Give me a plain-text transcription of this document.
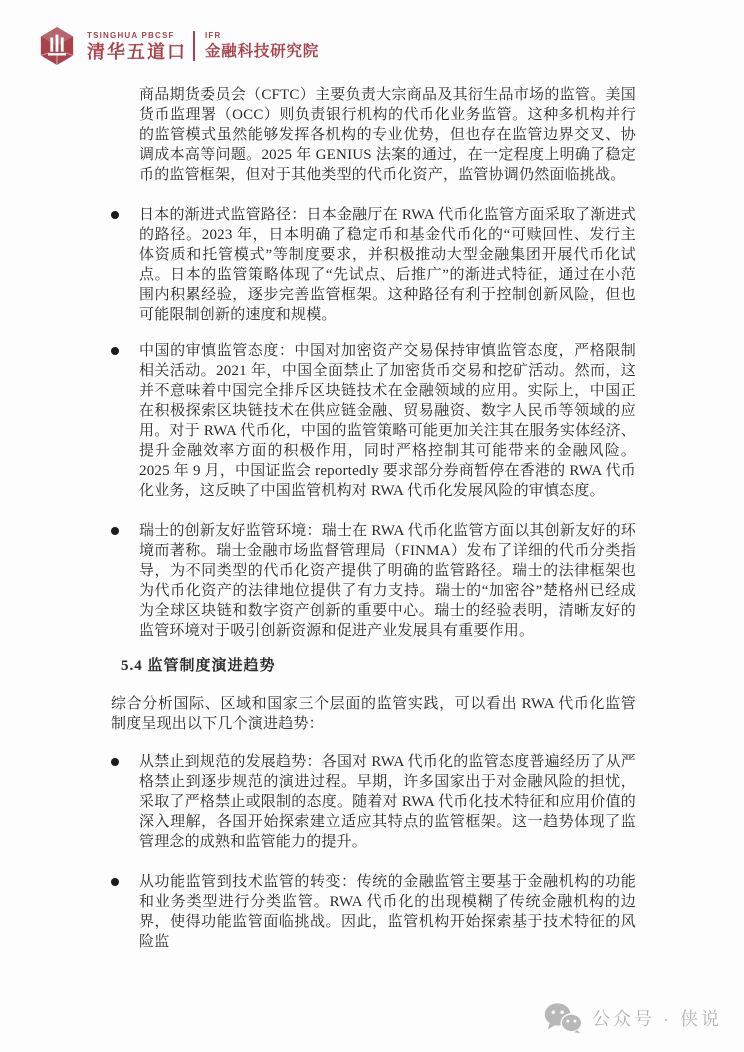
TSINGHUA PBCSF
清华五道口
IFR
金融科技研究院

商品期货委员会（CFTC）主要负责大宗商品及其衍生品市场的监管。美国货币监理署（OCC）则负责银行机构的代币化业务监管。这种多机构并行的监管模式虽然能够发挥各机构的专业优势，但也存在监管边界交叉、协调成本高等问题。2025 年 GENIUS 法案的通过，在一定程度上明确了稳定币的监管框架，但对于其他类型的代币化资产，监管协调仍然面临挑战。

日本的渐进式监管路径：日本金融厅在 RWA 代币化监管方面采取了渐进式的路径。2023 年，日本明确了稳定币和基金代币化的“可赎回性、发行主体资质和托管模式”等制度要求，并积极推动大型金融集团开展代币化试点。日本的监管策略体现了“先试点、后推广”的渐进式特征，通过在小范围内积累经验，逐步完善监管框架。这种路径有利于控制创新风险，但也可能限制创新的速度和规模。
中国的审慎监管态度：中国对加密资产交易保持审慎监管态度，严格限制相关活动。2021 年，中国全面禁止了加密货币交易和挖矿活动。然而，这并不意味着中国完全排斥区块链技术在金融领域的应用。实际上，中国正在积极探索区块链技术在供应链金融、贸易融资、数字人民币等领域的应用。对于 RWA 代币化，中国的监管策略可能更加关注其在服务实体经济、提升金融效率方面的积极作用，同时严格控制其可能带来的金融风险。2025 年 9 月，中国证监会 reportedly 要求部分券商暂停在香港的 RWA 代币化业务，这反映了中国监管机构对 RWA 代币化发展风险的审慎态度。
瑞士的创新友好监管环境：瑞士在 RWA 代币化监管方面以其创新友好的环境而著称。瑞士金融市场监督管理局（FINMA）发布了详细的代币分类指导，为不同类型的代币化资产提供了明确的监管路径。瑞士的法律框架也为代币化资产的法律地位提供了有力支持。瑞士的“加密谷”楚格州已经成为全球区块链和数字资产创新的重要中心。瑞士的经验表明，清晰友好的监管环境对于吸引创新资源和促进产业发展具有重要作用。
5.4 监管制度演进趋势

综合分析国际、区域和国家三个层面的监管实践，可以看出 RWA 代币化监管制度呈现出以下几个演进趋势：

从禁止到规范的发展趋势：各国对 RWA 代币化的监管态度普遍经历了从严格禁止到逐步规范的演进过程。早期，许多国家出于对金融风险的担忧，采取了严格禁止或限制的态度。随着对 RWA 代币化技术特征和应用价值的深入理解，各国开始探索建立适应其特点的监管框架。这一趋势体现了监管理念的成熟和监管能力的提升。
从功能监管到技术监管的转变：传统的金融监管主要基于金融机构的功能和业务类型进行分类监管。RWA 代币化的出现模糊了传统金融机构的边界，使得功能监管面临挑战。因此，监管机构开始探索基于技术特征的风险监
公众号 · 侠说
